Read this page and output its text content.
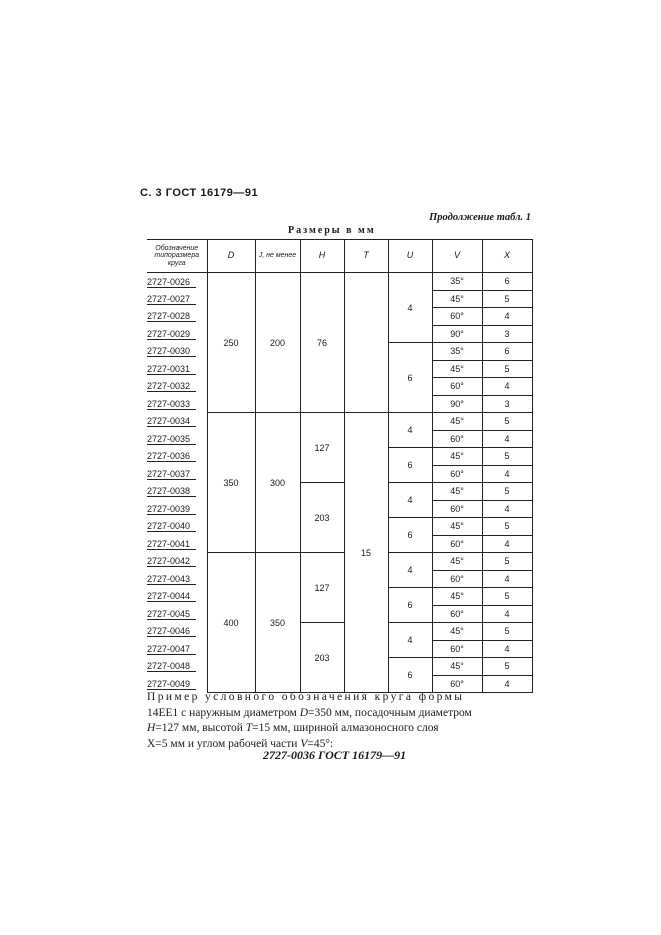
С. 3 ГОСТ 16179—91
Продолжение табл. 1
Размеры в мм
Обозначение типоразмера круга	D	J, не менее	H	T	U	V	X
2727-0026	250	200	76		4	35°	6
2727-0027						45°	5
2727-0028						60°	4
2727-0029						90°	3
2727-0030					6	35°	6
2727-0031						45°	5
2727-0032						60°	4
2727-0033						90°	3
2727-0034	350	300	127	15	4	45°	5
2727-0035						60°	4
2727-0036					6	45°	5
2727-0037						60°	4
2727-0038			203		4	45°	5
2727-0039						60°	4
2727-0040					6	45°	5
2727-0041						60°	4
2727-0042	400	350	127		4	45°	5
2727-0043						60°	4
2727-0044					6	45°	5
2727-0045						60°	4
2727-0046			203		4	45°	5
2727-0047						60°	4
2727-0048					6	45°	5
2727-0049						60°	4
Пример условного обозначения круга формы
14EE1 с наружным диаметром D=350 мм, посадочным диаметром
H=127 мм, высотой T=15 мм, шириной алмазоносного слоя
X=5 мм и углом рабочей части V=45°:
2727-0036 ГОСТ 16179—91
